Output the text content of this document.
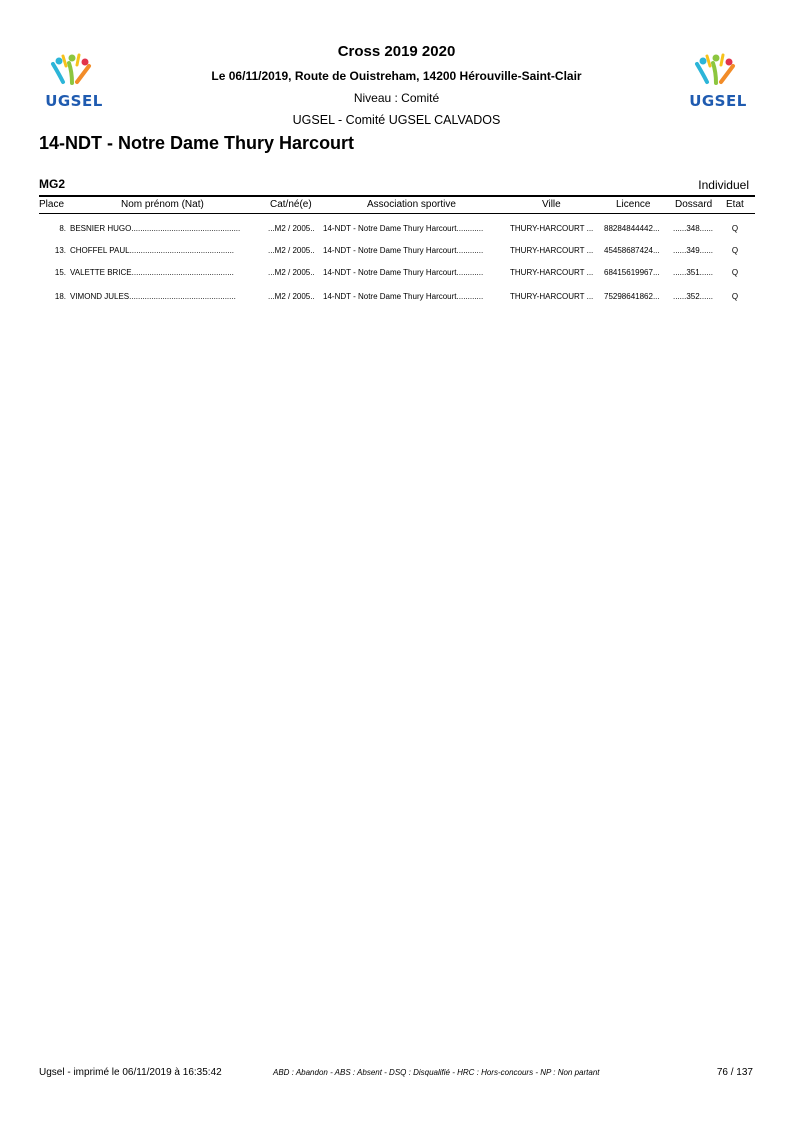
UGSEL	UGSEL
Cross 2019 2020
Le 06/11/2019, Route de Ouistreham, 14200 Hérouville-Saint-Clair
Niveau : Comité
UGSEL - Comité UGSEL CALVADOS
14-NDT - Notre Dame Thury Harcourt
MG2	Individuel
Place	Nom prénom (Nat)	Cat/né(e)	Association sportive	Ville	Licence Dossard Etat
8. BESNIER HUGO.................................................	...M2 / 2005..	14-NDT - Notre Dame Thury Harcourt............	THURY-HARCOURT ...	88284844442...	......348......	Q
13. CHOFFEL PAUL...............................................	...M2 / 2005..	14-NDT - Notre Dame Thury Harcourt............	THURY-HARCOURT ...	45458687424...	......349......	Q
15. VALETTE BRICE..............................................	...M2 / 2005..	14-NDT - Notre Dame Thury Harcourt............	THURY-HARCOURT ...	68415619967...	......351......	Q
18. VIMOND JULES................................................	...M2 / 2005..	14-NDT - Notre Dame Thury Harcourt............	THURY-HARCOURT ...	75298641862...	......352......	Q
Ugsel - imprimé le 06/11/2019 à 16:35:42	ABD : Abandon - ABS : Absent - DSQ : Disqualifié - HRC : Hors-concours - NP : Non partant	76 / 137
